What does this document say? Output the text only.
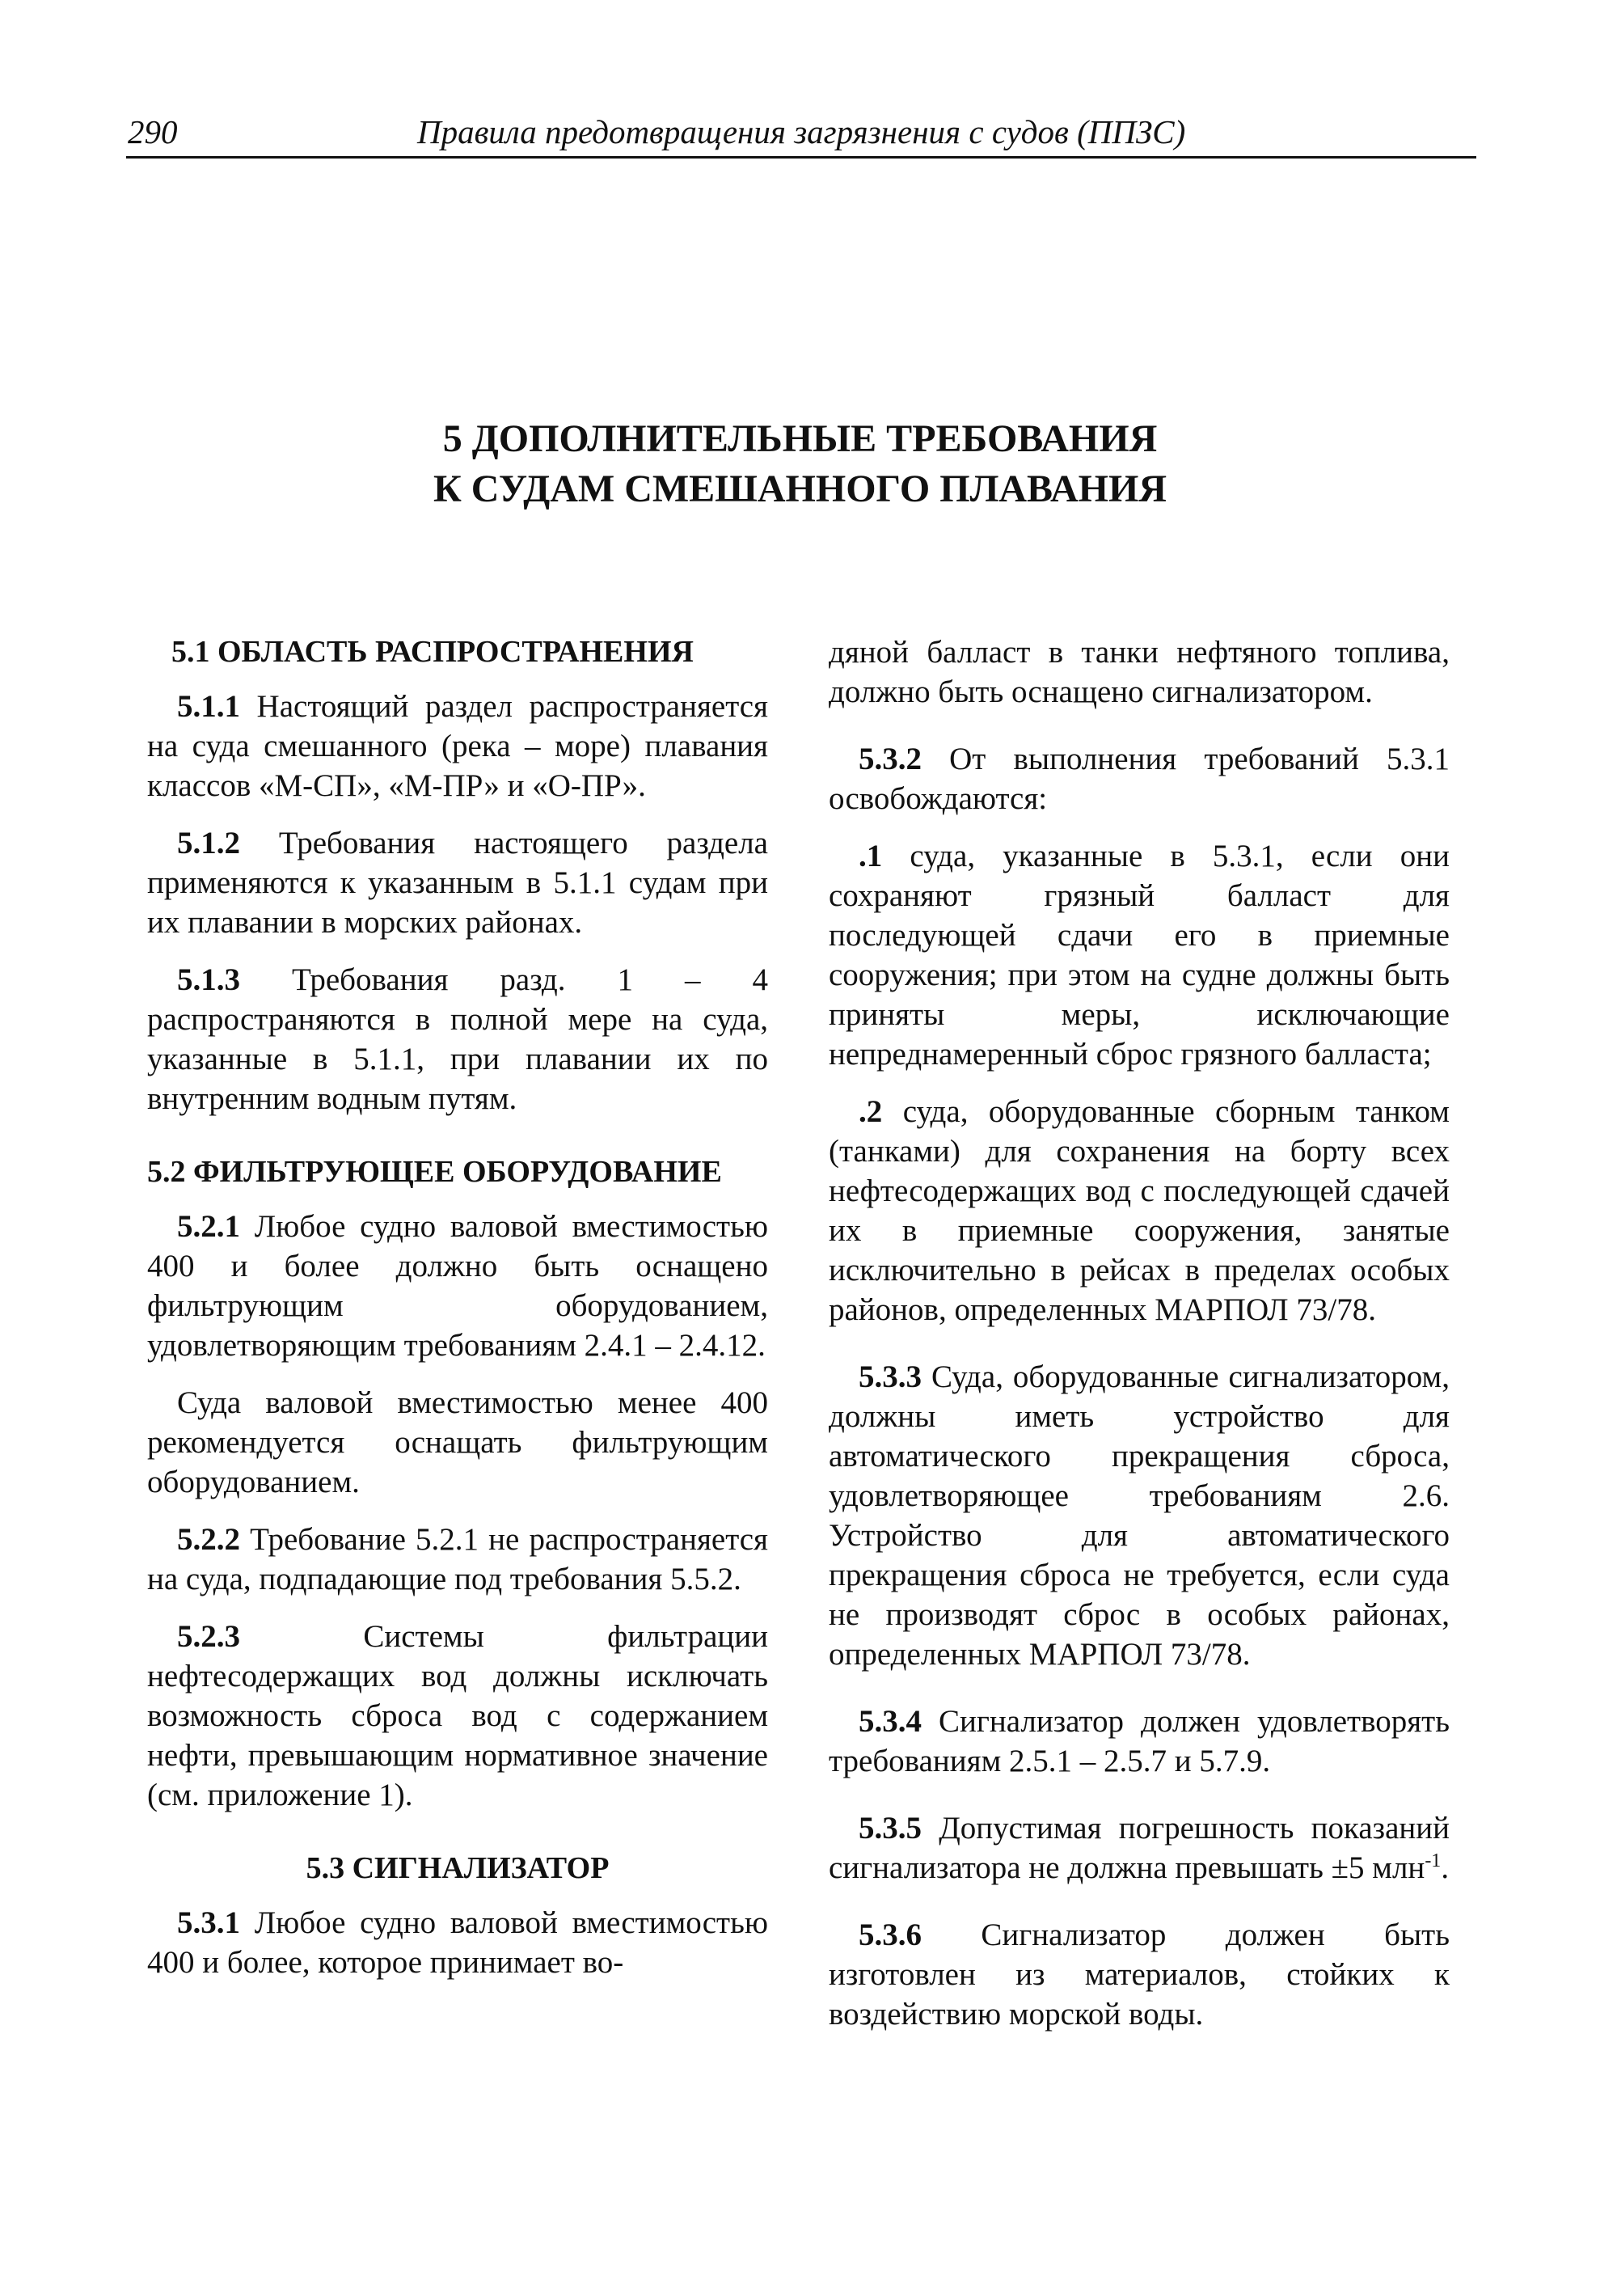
290	Правила предотвращения загрязнения с судов (ППЗС)
5 ДОПОЛНИТЕЛЬНЫЕ ТРЕБОВАНИЯ
К СУДАМ СМЕШАННОГО ПЛАВАНИЯ
5.1 ОБЛАСТЬ РАСПРОСТРАНЕНИЯ

5.1.1 Настоящий раздел распространяется на суда смешанного (река – море) плавания классов «М-СП», «М-ПР» и «О-ПР».

5.1.2 Требования настоящего раздела применяются к указанным в 5.1.1 судам при их плавании в морских районах.

5.1.3 Требования разд. 1 – 4 распространяются в полной мере на суда, указанные в 5.1.1, при плавании их по внутренним водным путям.

5.2 ФИЛЬТРУЮЩЕЕ ОБОРУДОВАНИЕ

5.2.1 Любое судно валовой вместимостью 400 и более должно быть оснащено фильтрующим оборудованием, удовлетворяющим требованиям 2.4.1 – 2.4.12.

Суда валовой вместимостью менее 400 рекомендуется оснащать фильтрующим оборудованием.

5.2.2 Требование 5.2.1 не распространяется на суда, подпадающие под требования 5.5.2.

5.2.3 Системы фильтрации нефтесодержащих вод должны исключать возможность сброса вод с содержанием нефти, превышающим нормативное значение (см. приложение 1).

5.3 СИГНАЛИЗАТОР

5.3.1 Любое судно валовой вместимостью 400 и более, которое принимает во-

дяной балласт в танки нефтяного топлива, должно быть оснащено сигнализатором.

5.3.2 От выполнения требований 5.3.1 освобождаются:

.1 суда, указанные в 5.3.1, если они сохраняют грязный балласт для последующей сдачи его в приемные сооружения; при этом на судне должны быть приняты меры, исключающие непреднамеренный сброс грязного балласта;

.2 суда, оборудованные сборным танком (танками) для сохранения на борту всех нефтесодержащих вод с последующей сдачей их в приемные сооружения, занятые исключительно в рейсах в пределах особых районов, определенных МАРПОЛ 73/78.

5.3.3 Суда, оборудованные сигнализатором, должны иметь устройство для автоматического прекращения сброса, удовлетворяющее требованиям 2.6. Устройство для автоматического прекращения сброса не требуется, если суда не производят сброс в особых районах, определенных МАРПОЛ 73/78.

5.3.4 Сигнализатор должен удовлетворять требованиям 2.5.1 – 2.5.7 и 5.7.9.

5.3.5 Допустимая погрешность показаний сигнализатора не должна превышать ±5 млн$^{-1}$.

5.3.6 Сигнализатор должен быть изготовлен из материалов, стойких к воздействию морской воды.
